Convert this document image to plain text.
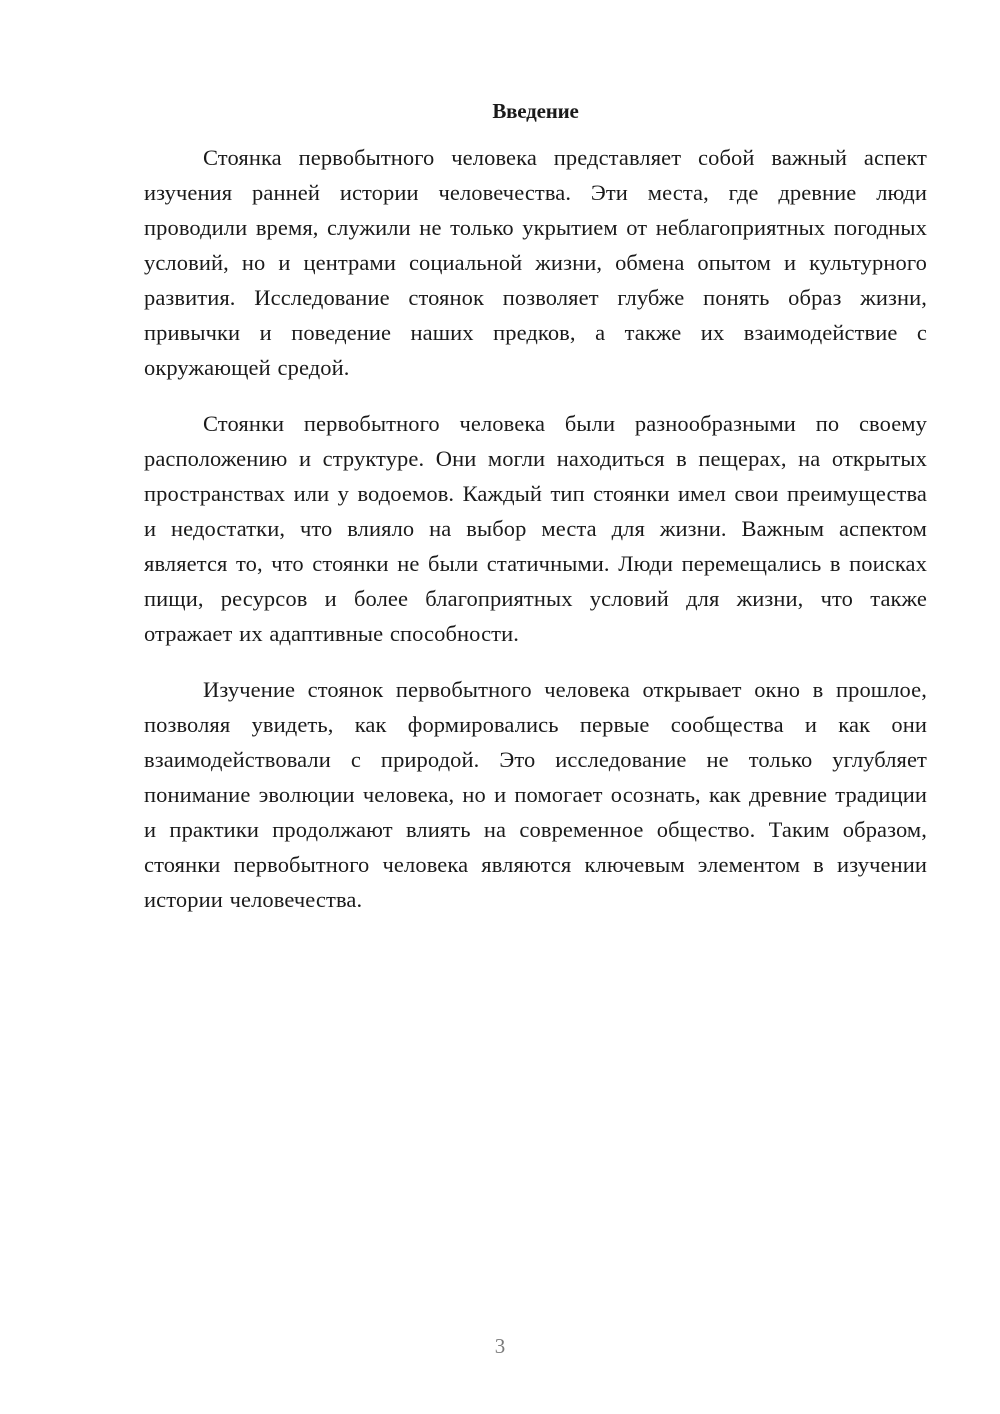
Введение

Стоянка первобытного человека представляет собой важный аспект изучения ранней истории человечества. Эти места, где древние люди проводили время, служили не только укрытием от неблагоприятных погодных условий, но и центрами социальной жизни, обмена опытом и культурного развития. Исследование стоянок позволяет глубже понять образ жизни, привычки и поведение наших предков, а также их взаимодействие с окружающей средой.

Стоянки первобытного человека были разнообразными по своему расположению и структуре. Они могли находиться в пещерах, на открытых пространствах или у водоемов. Каждый тип стоянки имел свои преимущества и недостатки, что влияло на выбор места для жизни. Важным аспектом является то, что стоянки не были статичными. Люди перемещались в поисках пищи, ресурсов и более благоприятных условий для жизни, что также отражает их адаптивные способности.

Изучение стоянок первобытного человека открывает окно в прошлое, позволяя увидеть, как формировались первые сообщества и как они взаимодействовали с природой. Это исследование не только углубляет понимание эволюции человека, но и помогает осознать, как древние традиции и практики продолжают влиять на современное общество. Таким образом, стоянки первобытного человека являются ключевым элементом в изучении истории человечества.

3
